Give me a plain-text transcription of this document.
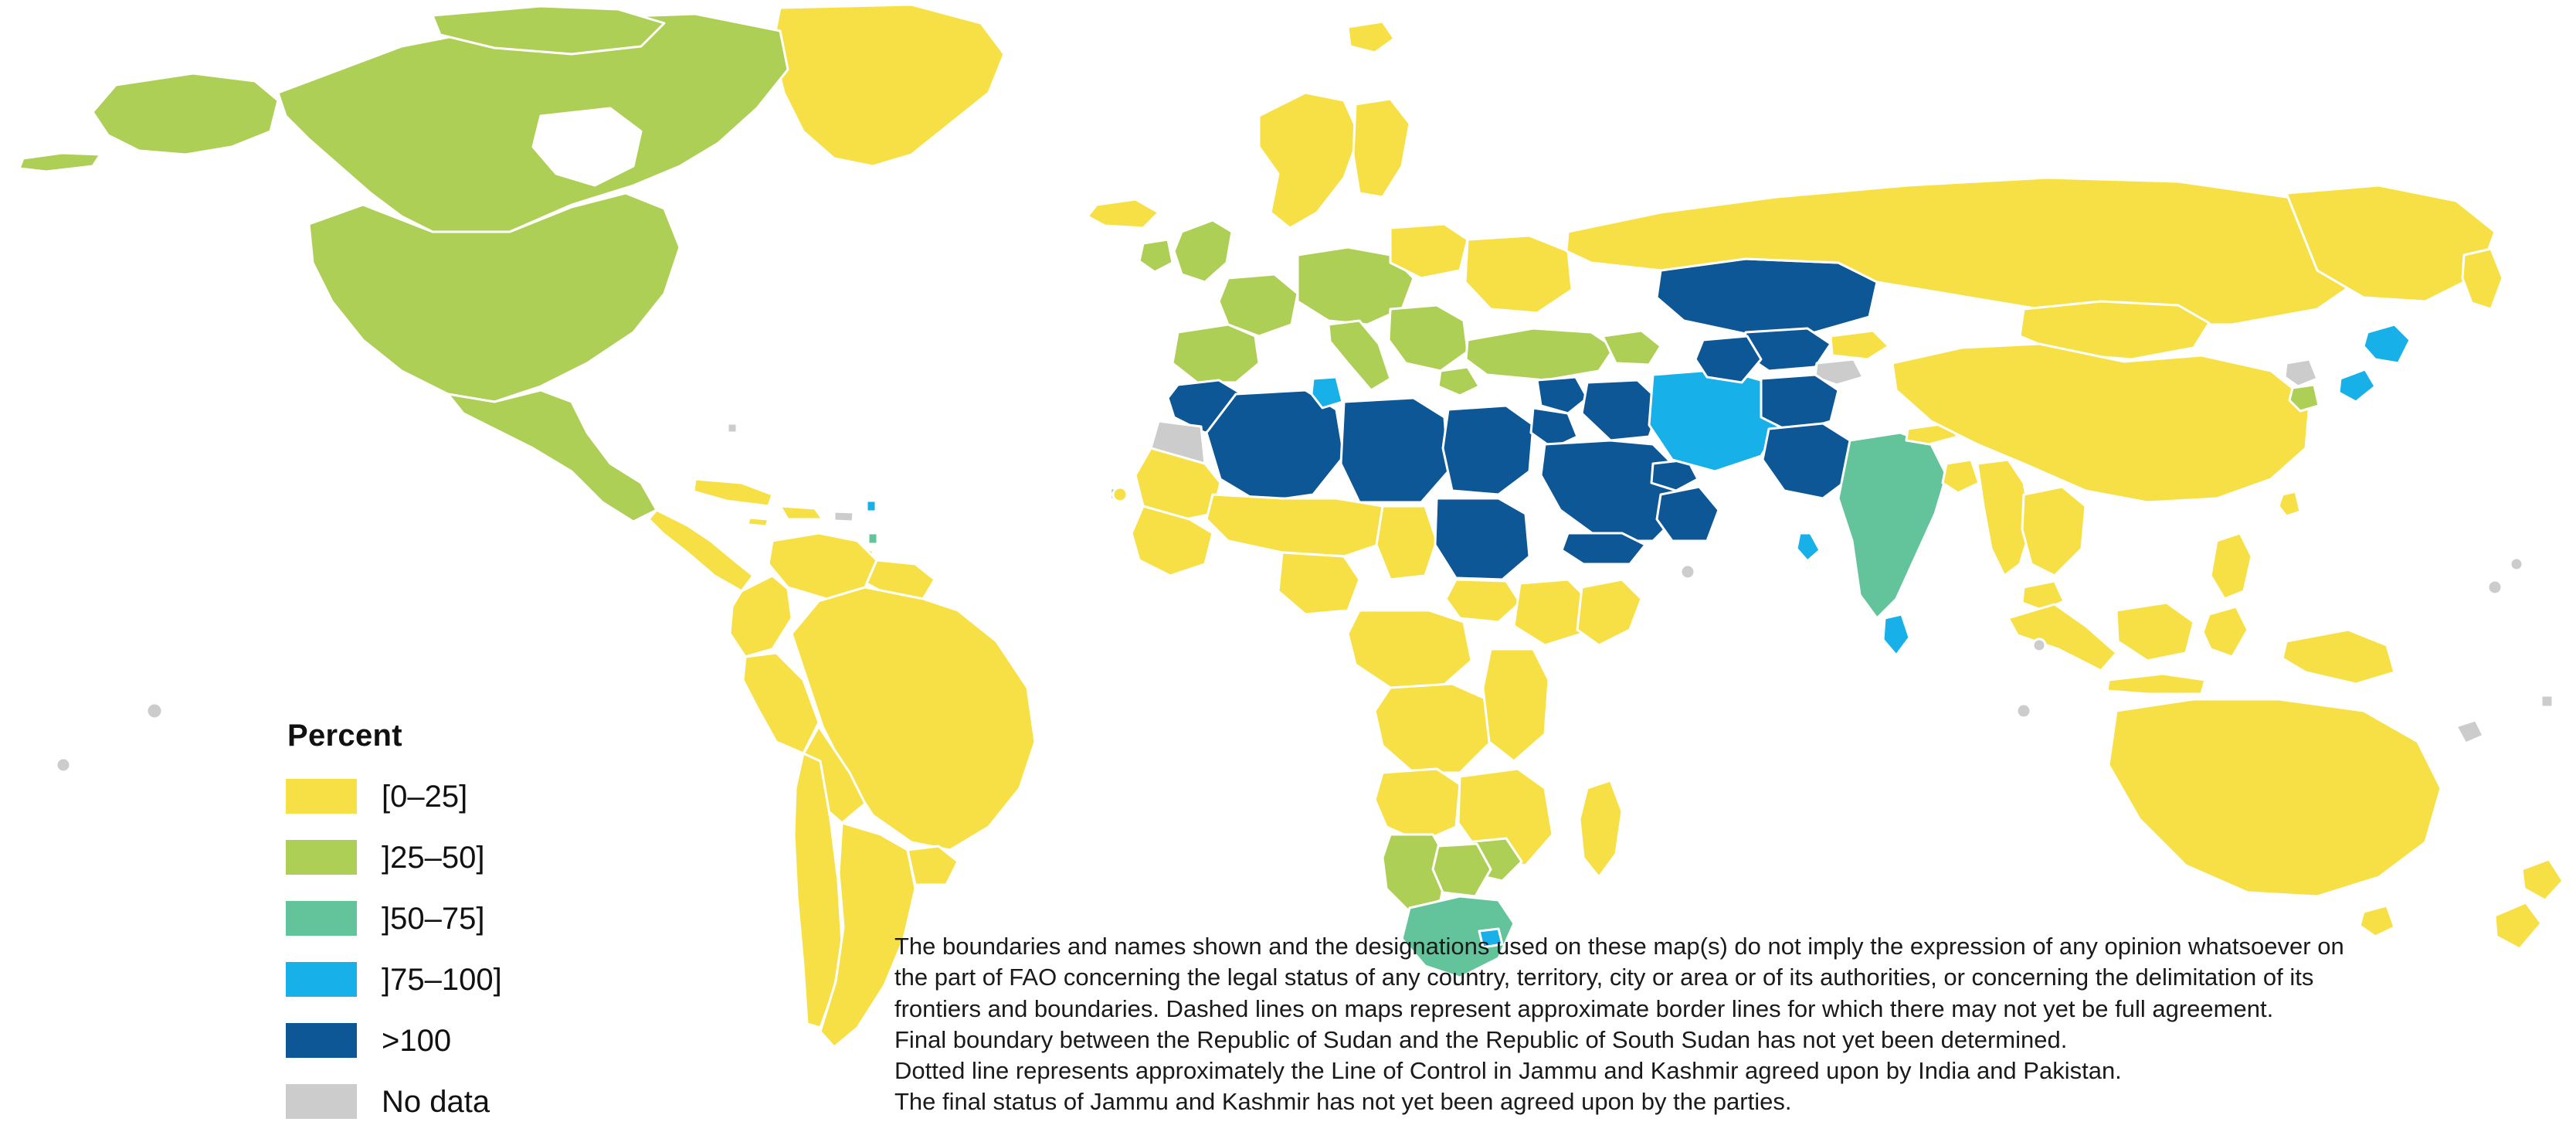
Percent
[0–25]
]25–50]
]50–75]
]75–100]
>100
No data

The boundaries and names shown and the designations used on these map(s) do not imply the expression of any opinion whatsoever on

the part of FAO concerning the legal status of any country, territory, city or area or of its authorities, or concerning the delimitation of its

frontiers and boundaries. Dashed lines on maps represent approximate border lines for which there may not yet be full agreement.

Final boundary between the Republic of Sudan and the Republic of South Sudan has not yet been determined.

Dotted line represents approximately the Line of Control in Jammu and Kashmir agreed upon by India and Pakistan.

The final status of Jammu and Kashmir has not yet been agreed upon by the parties.
